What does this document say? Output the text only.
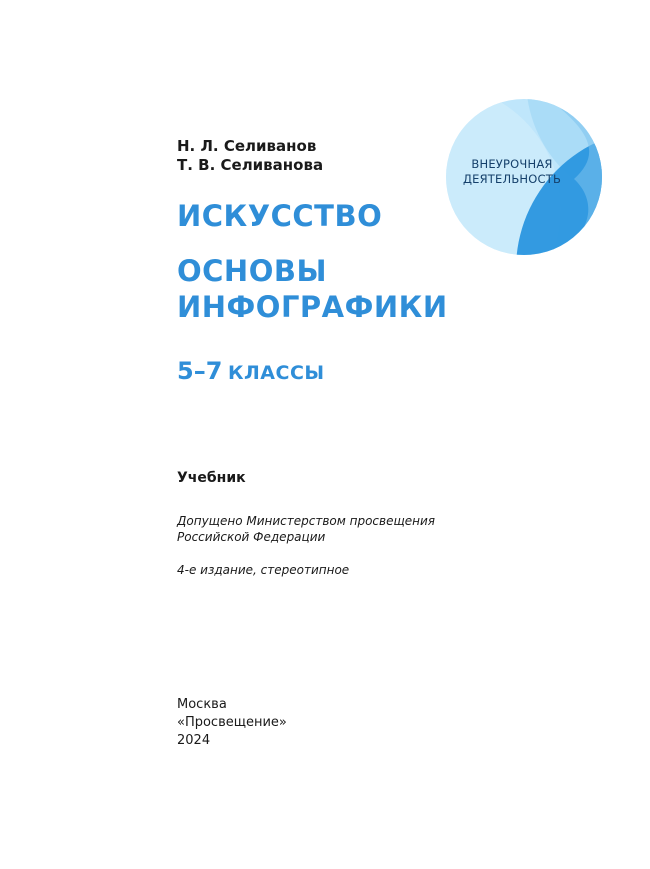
Н. Л. Селиванов
Т. В. Селиванова	ВНЕУРОЧНАЯ
ДЕЯТЕЛЬНОСТЬ
ИСКУССТВО
ОСНОВЫ
ИНФОГРАФИКИ
5–7 КЛАССЫ
Учебник
Допущено Министерством просвещения
Российской Федерации
4-е издание, стереотипное
Москва
«Просвещение»
2024
